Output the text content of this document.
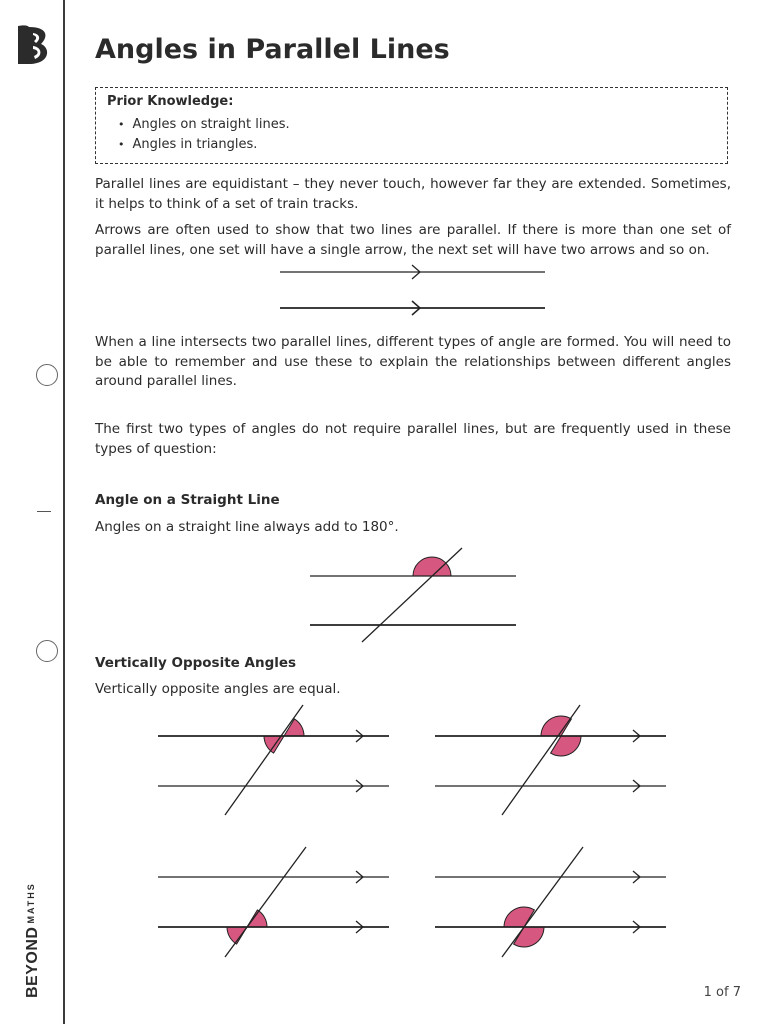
BEYONDMATHS
Angles in Parallel Lines
Prior Knowledge:
• Angles on straight lines.
• Angles in triangles.

Parallel lines are equidistant – they never touch, however far they are extended. Sometimes, it helps to think of a set of train tracks.

Arrows are often used to show that two lines are parallel. If there is more than one set of parallel lines, one set will have a single arrow, the next set will have two arrows and so on.

When a line intersects two parallel lines, different types of angle are formed. You will need to be able to remember and use these to explain the relationships between different angles around parallel lines.

The first two types of angles do not require parallel lines, but are frequently used in these types of question:

Angle on a Straight Line

Angles on a straight line always add to 180°.

Vertically Opposite Angles

Vertically opposite angles are equal.

1 of 7
